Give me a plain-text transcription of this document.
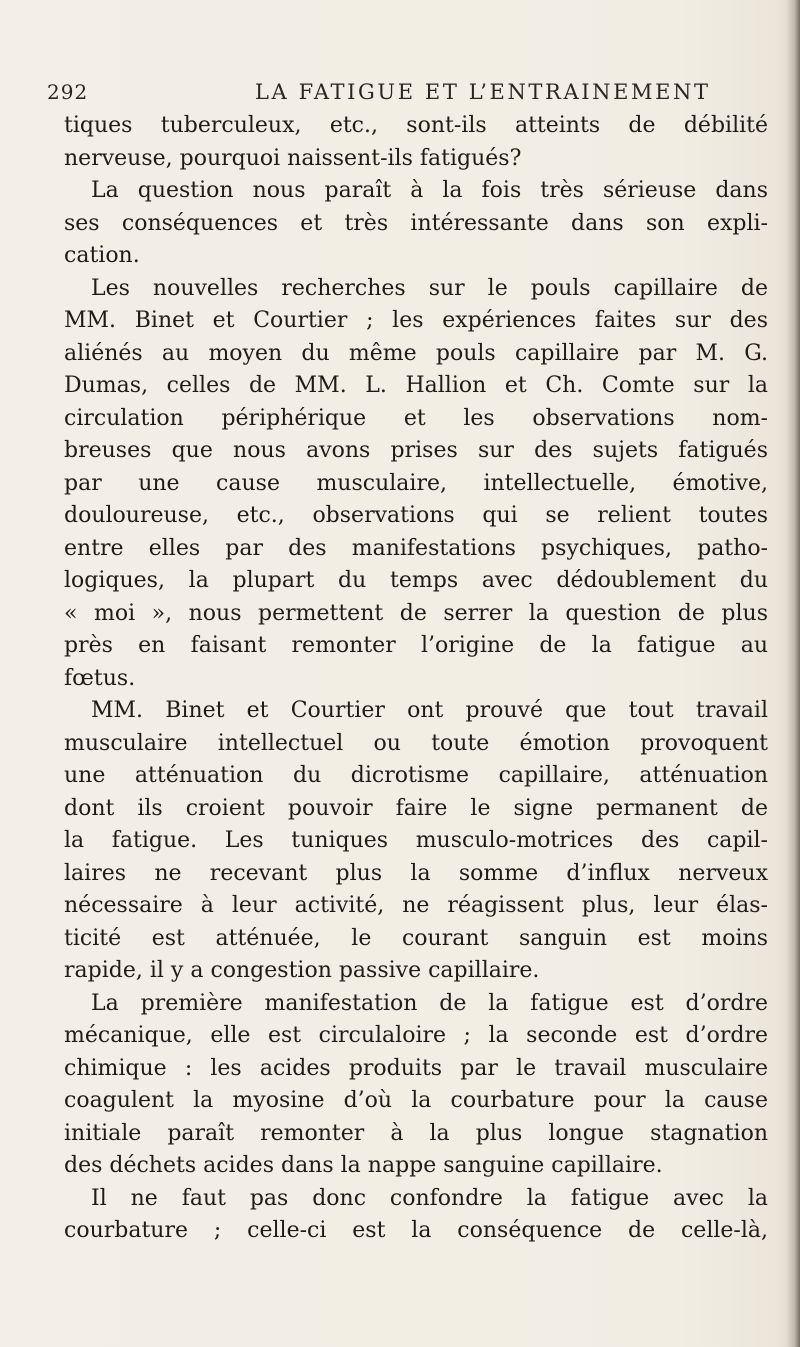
292	LA FATIGUE ET L’ENTRAINEMENT
tiques tuberculeux, etc., sont-ils atteints de débilité
nerveuse, pourquoi naissent-ils fatigués?
La question nous paraît à la fois très sérieuse dans
ses conséquences et très intéressante dans son expli-
cation.
Les nouvelles recherches sur le pouls capillaire de
MM. Binet et Courtier ; les expériences faites sur des
aliénés au moyen du même pouls capillaire par M. G.
Dumas, celles de MM. L. Hallion et Ch. Comte sur la
circulation périphérique et les observations nom-
breuses que nous avons prises sur des sujets fatigués
par une cause musculaire, intellectuelle, émotive,
douloureuse, etc., observations qui se relient toutes
entre elles par des manifestations psychiques, patho-
logiques, la plupart du temps avec dédoublement du
« moi », nous permettent de serrer la question de plus
près en faisant remonter l’origine de la fatigue au
fœtus.
MM. Binet et Courtier ont prouvé que tout travail
musculaire intellectuel ou toute émotion provoquent
une atténuation du dicrotisme capillaire, atténuation
dont ils croient pouvoir faire le signe permanent de
la fatigue. Les tuniques musculo-motrices des capil-
laires ne recevant plus la somme d’influx nerveux
nécessaire à leur activité, ne réagissent plus, leur élas-
ticité est atténuée, le courant sanguin est moins
rapide, il y a congestion passive capillaire.
La première manifestation de la fatigue est d’ordre
mécanique, elle est circulaloire ; la seconde est d’ordre
chimique : les acides produits par le travail musculaire
coagulent la myosine d’où la courbature pour la cause
initiale paraît remonter à la plus longue stagnation
des déchets acides dans la nappe sanguine capillaire.
Il ne faut pas donc confondre la fatigue avec la
courbature ; celle-ci est la conséquence de celle-là,
